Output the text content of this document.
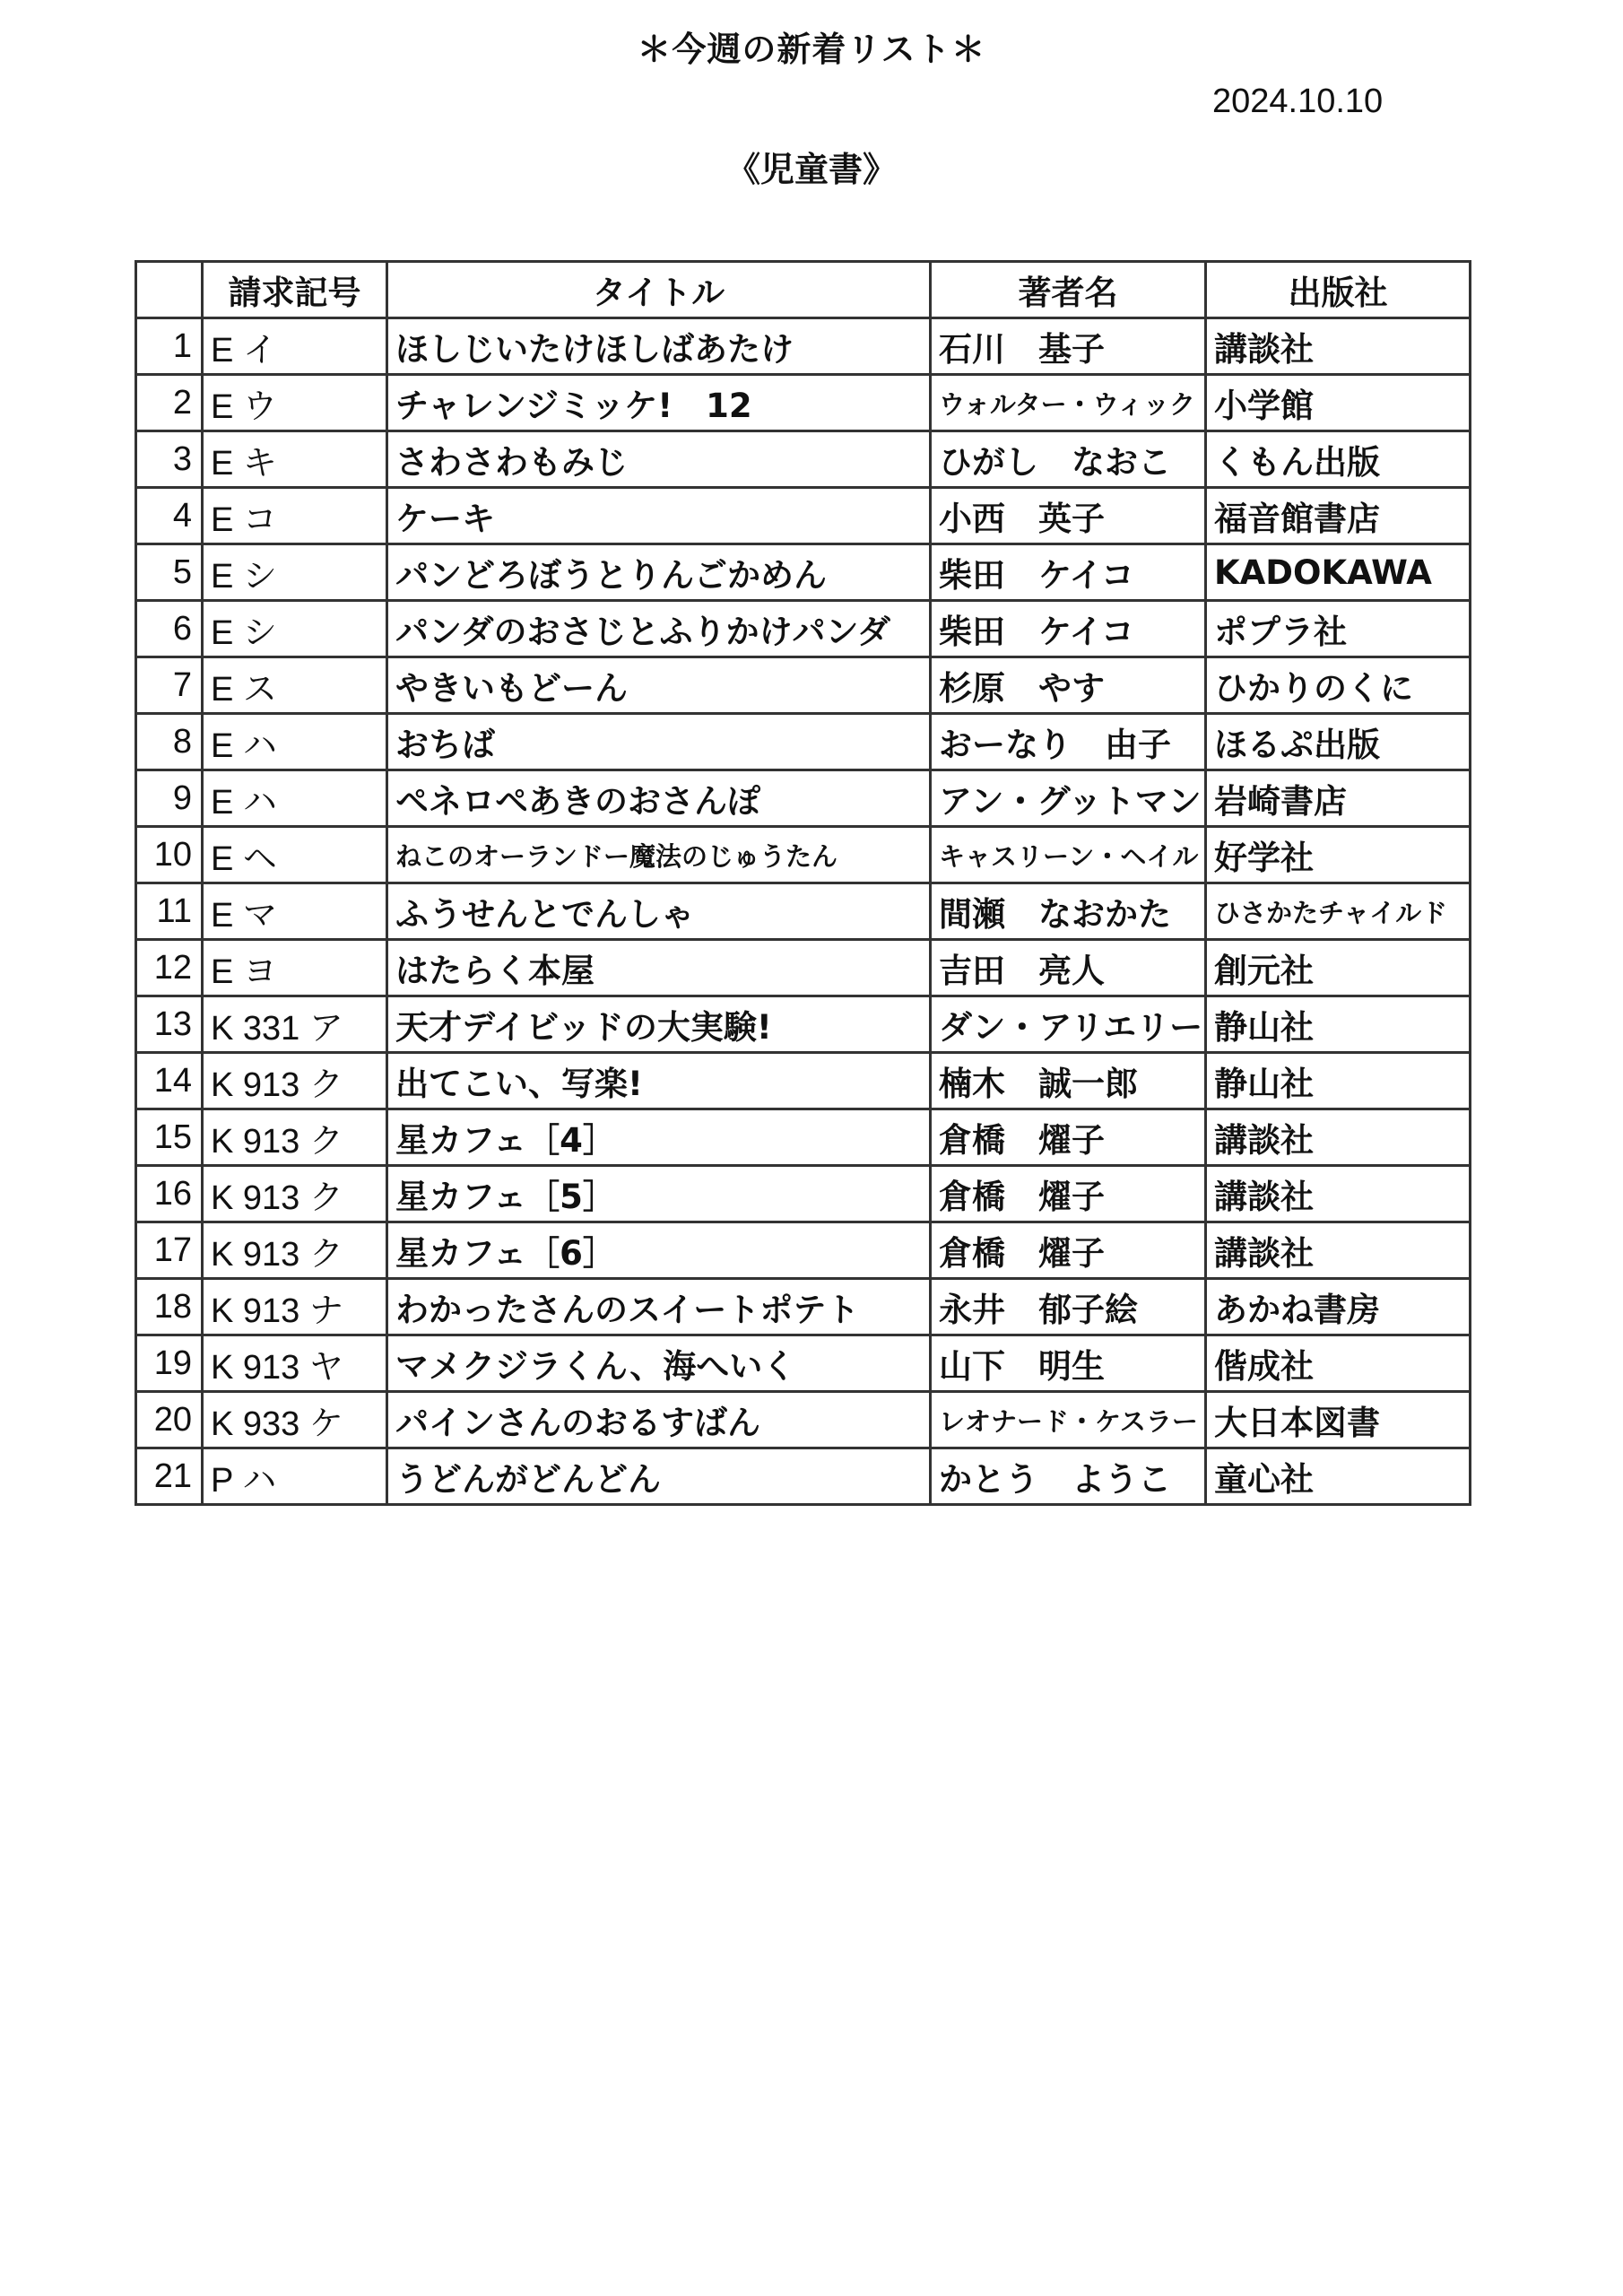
＊今週の新着リスト＊
2024.10.10
《児童書》
	請求記号	タイトル	著者名	出版社
1	E イ	ほしじいたけほしばあたけ	石川　基子	講談社
2	E ウ	チャレンジミッケ!　12	ウォルター・ウィック	小学館
3	E キ	さわさわもみじ	ひがし　なおこ	くもん出版
4	E コ	ケーキ	小西　英子	福音館書店
5	E シ	パンどろぼうとりんごかめん	柴田　ケイコ	KADOKAWA
6	E シ	パンダのおさじとふりかけパンダ	柴田　ケイコ	ポプラ社
7	E ス	やきいもどーん	杉原　やす	ひかりのくに
8	E ハ	おちば	おーなり　由子	ほるぷ出版
9	E ハ	ペネロペあきのおさんぽ	アン・グットマン	岩崎書店
10	E ヘ	ねこのオーランドー魔法のじゅうたん	キャスリーン・ヘイル	好学社
11	E マ	ふうせんとでんしゃ	間瀬　なおかた	ひさかたチャイルド
12	E ヨ	はたらく本屋	吉田　亮人	創元社
13	K 331 ア	天才デイビッドの大実験!	ダン・アリエリー	静山社
14	K 913 ク	出てこい、写楽!	楠木　誠一郎	静山社
15	K 913 ク	星カフェ［4］	倉橋　燿子	講談社
16	K 913 ク	星カフェ［5］	倉橋　燿子	講談社
17	K 913 ク	星カフェ［6］	倉橋　燿子	講談社
18	K 913 ナ	わかったさんのスイートポテト	永井　郁子絵	あかね書房
19	K 913 ヤ	マメクジラくん、海へいく	山下　明生	偕成社
20	K 933 ケ	パインさんのおるすばん	レオナード・ケスラー	大日本図書
21	P ハ	うどんがどんどん	かとう　ようこ	童心社
